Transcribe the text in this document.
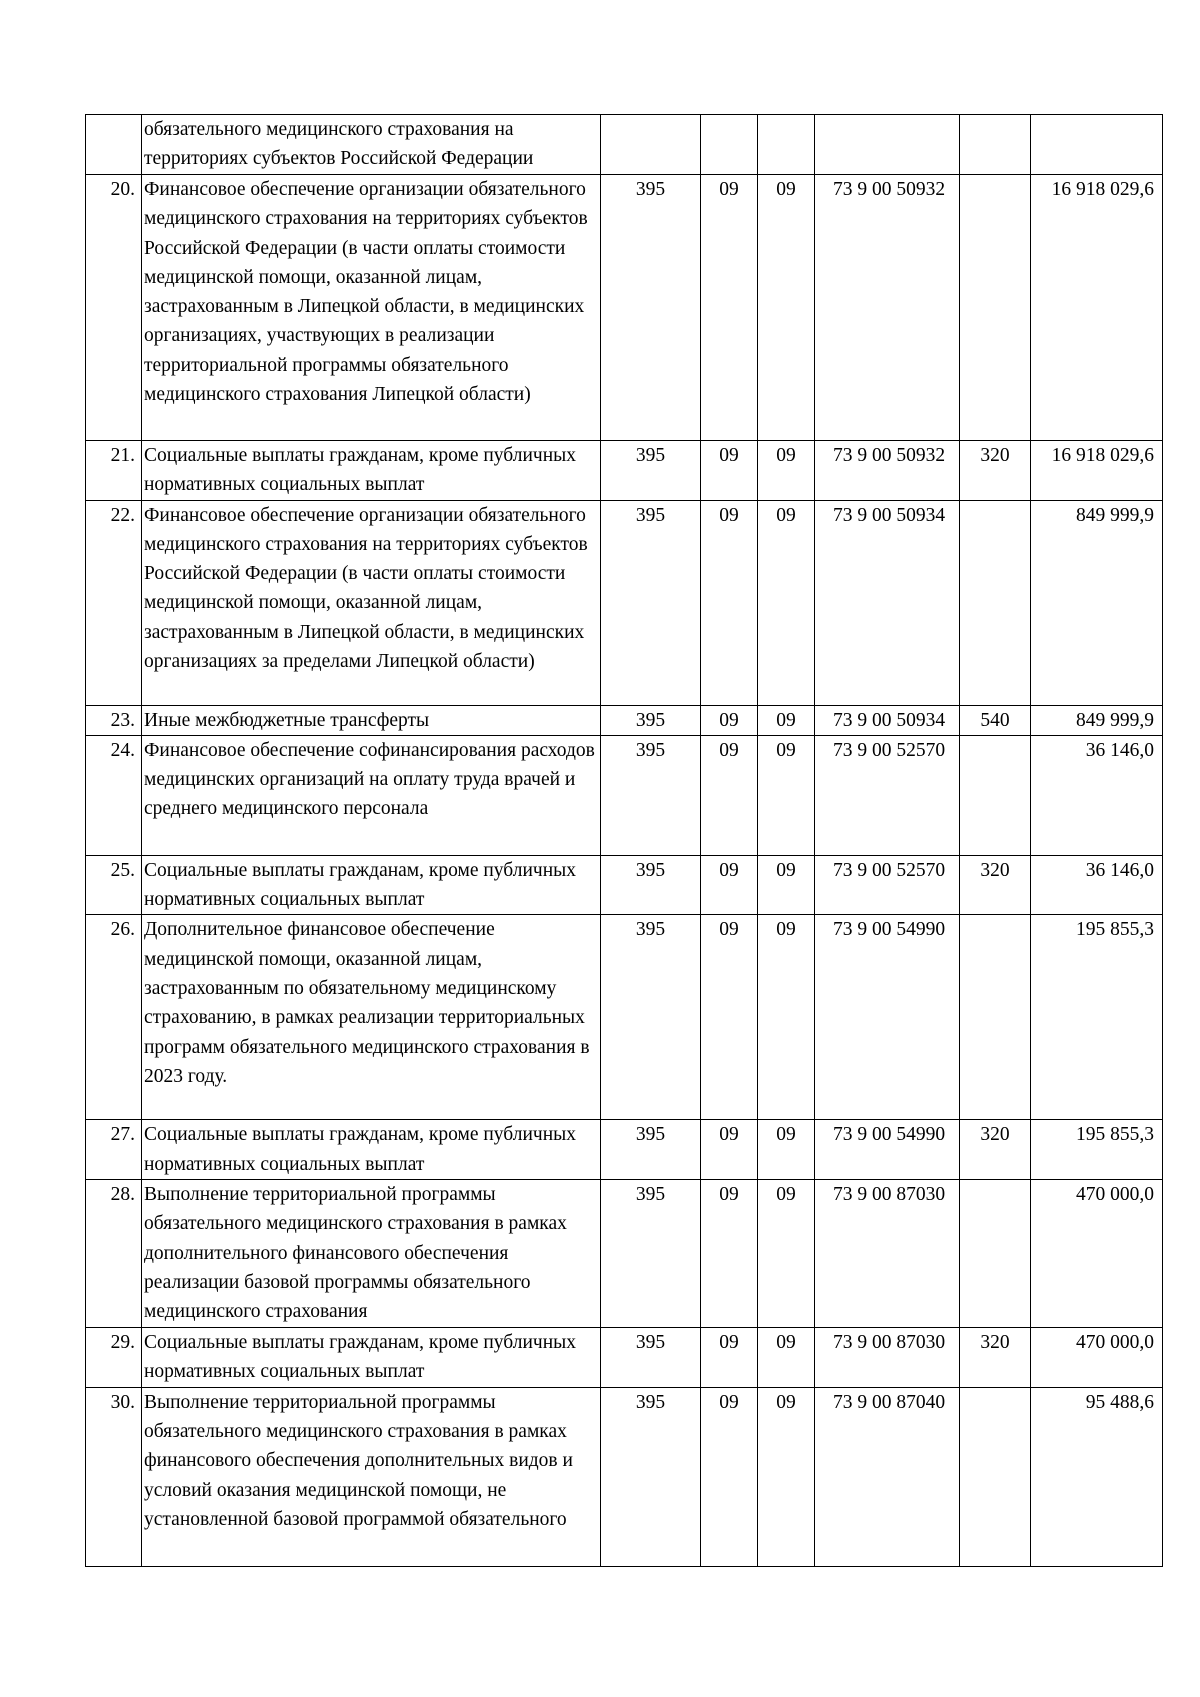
	обязательного медицинского страхования на территориях субъектов Российской Федерации						
20.	Финансовое обеспечение организации обязательного медицинского страхования на территориях субъектов Российской Федерации (в части оплаты стоимости медицинской помощи, оказанной лицам, застрахованным в Липецкой области, в медицинских организациях, участвующих в реализации территориальной программы обязательного медицинского страхования Липецкой области)	395	09	09	73 9 00 50932		16 918 029,6
21.	Социальные выплаты гражданам, кроме публичных нормативных социальных выплат	395	09	09	73 9 00 50932	320	16 918 029,6
22.	Финансовое обеспечение организации обязательного медицинского страхования на территориях субъектов Российской Федерации (в части оплаты стоимости медицинской помощи, оказанной лицам, застрахованным в Липецкой области, в медицинских организациях за пределами Липецкой области)	395	09	09	73 9 00 50934		849 999,9
23.	Иные межбюджетные трансферты	395	09	09	73 9 00 50934	540	849 999,9
24.	Финансовое обеспечение софинансирования расходов медицинских организаций на оплату труда врачей и среднего медицинского персонала	395	09	09	73 9 00 52570		36 146,0
25.	Социальные выплаты гражданам, кроме публичных нормативных социальных выплат	395	09	09	73 9 00 52570	320	36 146,0
26.	Дополнительное финансовое обеспечение медицинской помощи, оказанной лицам, застрахованным по обязательному медицинскому страхованию, в рамках реализации территориальных программ обязательного медицинского страхования в 2023 году.	395	09	09	73 9 00 54990		195 855,3
27.	Социальные выплаты гражданам, кроме публичных нормативных социальных выплат	395	09	09	73 9 00 54990	320	195 855,3
28.	Выполнение территориальной программы обязательного медицинского страхования в рамках дополнительного финансового обеспечения реализации базовой программы обязательного медицинского страхования	395	09	09	73 9 00 87030		470 000,0
29.	Социальные выплаты гражданам, кроме публичных нормативных социальных выплат	395	09	09	73 9 00 87030	320	470 000,0
30.	Выполнение территориальной программы обязательного медицинского страхования в рамках финансового обеспечения дополнительных видов и условий оказания медицинской помощи, не установленной базовой программой обязательного	395	09	09	73 9 00 87040		95 488,6
